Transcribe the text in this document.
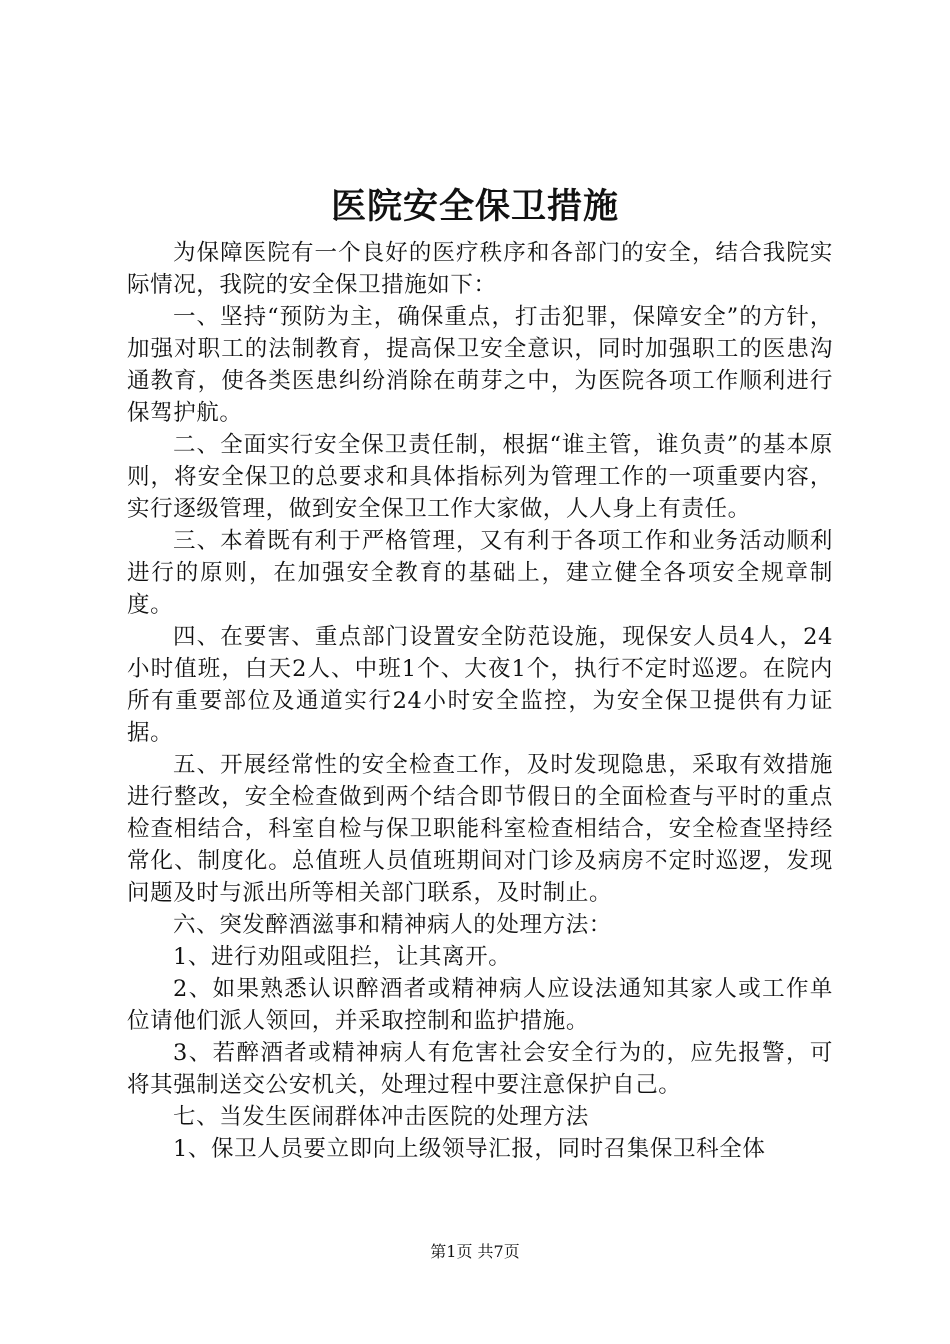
医院安全保卫措施

为保障医院有一个良好的医疗秩序和各部门的安全，结合我院实际情况，我院的安全保卫措施如下：

一、坚持“预防为主，确保重点，打击犯罪，保障安全”的方针，加强对职工的法制教育，提高保卫安全意识，同时加强职工的医患沟通教育，使各类医患纠纷消除在萌芽之中，为医院各项工作顺利进行保驾护航。

二、全面实行安全保卫责任制，根据“谁主管，谁负责”的基本原则，将安全保卫的总要求和具体指标列为管理工作的一项重要内容，实行逐级管理，做到安全保卫工作大家做，人人身上有责任。

三、本着既有利于严格管理，又有利于各项工作和业务活动顺利进行的原则，在加强安全教育的基础上，建立健全各项安全规章制度。

四、在要害、重点部门设置安全防范设施，现保安人员4人，24小时值班，白天2人、中班1个、大夜1个，执行不定时巡逻。在院内所有重要部位及通道实行24小时安全监控，为安全保卫提供有力证据。

五、开展经常性的安全检查工作，及时发现隐患，采取有效措施进行整改，安全检查做到两个结合即节假日的全面检查与平时的重点检查相结合，科室自检与保卫职能科室检查相结合，安全检查坚持经常化、制度化。总值班人员值班期间对门诊及病房不定时巡逻，发现问题及时与派出所等相关部门联系，及时制止。

六、突发醉酒滋事和精神病人的处理方法：

1、进行劝阻或阻拦，让其离开。

2、如果熟悉认识醉酒者或精神病人应设法通知其家人或工作单位请他们派人领回，并采取控制和监护措施。

3、若醉酒者或精神病人有危害社会安全行为的，应先报警，可将其强制送交公安机关，处理过程中要注意保护自己。

七、当发生医闹群体冲击医院的处理方法

1、保卫人员要立即向上级领导汇报，同时召集保卫科全体

第1页 共7页
